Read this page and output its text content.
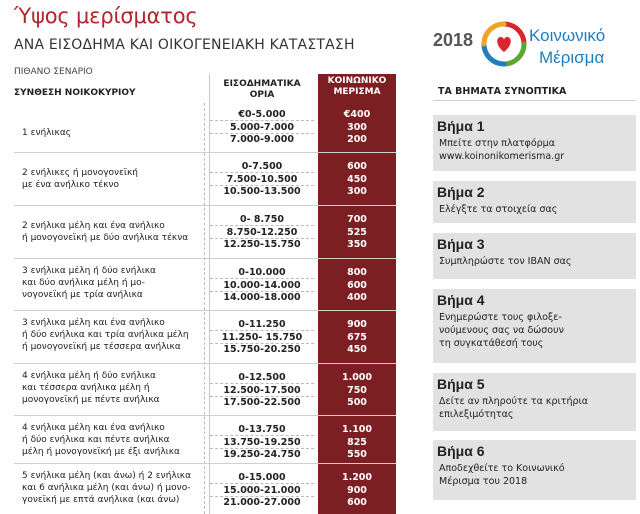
Ύψος μερίσματος
ΑΝΑ ΕΙΣΟΔΗΜΑ ΚΑΙ ΟΙΚΟΓΕΝΕΙΑΚΗ ΚΑΤΑΣΤΑΣΗ
ΠΙΘΑΝΟ ΣΕΝΑΡΙΟ
2018	Κοινωνικό
Μέρισμα
ΣΥΝΘΕΣΗ ΝΟΙΚΟΚΥΡΙΟΥ
ΕΙΣΟΔΗΜΑΤΙΚΑ
ΟΡΙΑ
ΚΟΙΝΩΝΙΚΟ
ΜΕΡΙΣΜΑ
1 ενήλικας
€0-5.000
5.000-7.000
7.000-9.000
€400
300
200
2 ενήλικες ή μονογονεϊκή
με ένα ανήλικο τέκνο
0-7.500
7.500-10.500
10.500-13.500
600
450
300
2 ενήλικα μέλη και ένα ανήλικο
ή μονογονεϊκή με δύο ανήλικα τέκνα
0- 8.750
8.750-12.250
12.250-15.750
700
525
350
3 ενήλικα μέλη ή δύο ενήλικα
και δύο ανήλικα μέλη ή μο-
νογονεϊκή με τρία ανήλικα
0-10.000
10.000-14.000
14.000-18.000
800
600
400
3 ενήλικα μέλη και ένα ανήλικο
ή δύο ενήλικα και τρία ανήλικα μέλη
ή μονογονεϊκή με τέσσερα ανήλικα
0-11.250
11.250- 15.750
15.750-20.250
900
675
450
4 ενήλικα μέλη ή δύο ενήλικα
και τέσσερα ανήλικα μέλη ή
μονογονεϊκή με πέντε ανήλικα
0-12.500
12.500-17.500
17.500-22.500
1.000
750
500
4 ενήλικα μέλη και ένα ανήλικο
ή δύο ενήλικα και πέντε ανήλικα
μέλη ή μονογονεϊκή με έξι ανήλικα
0-13.750
13.750-19.250
19.250-24.750
1.100
825
550
5 ενήλικα μέλη (και άνω) ή 2 ενήλικα
και 6 ανήλικα μέλη (και άνω) ή μονο-
γονεϊκή με επτά ανήλικα (και άνω)
0-15.000
15.000-21.000
21.000-27.000
1.200
900
600
ΤΑ ΒΗΜΑΤΑ ΣΥΝΟΠΤΙΚΑ
Βήμα 1
Μπείτε στην πλατφόρμα
www.koinonikomerisma.gr
Βήμα 2
Ελέγξτε τα στοιχεία σας
Βήμα 3
Συμπληρώστε τον IBAN σας
Βήμα 4
Ενημερώστε τους φιλοξε-
νούμενους σας να δώσουν
τη συγκατάθεσή τους
Βήμα 5
Δείτε αν πληρούτε τα κριτήρια
επιλεξιμότητας
Βήμα 6
Αποδεχθείτε το Κοινωνικό
Μέρισμα του 2018
